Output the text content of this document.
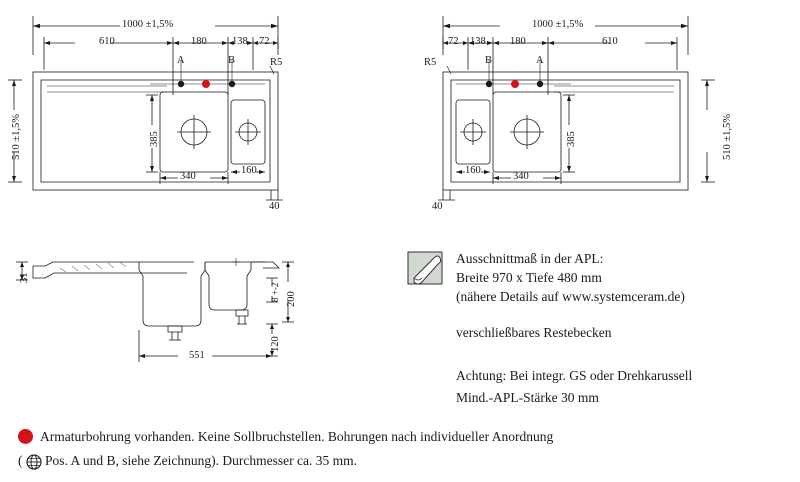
1000 ±1,5%
610	180 138 72
A	B	R5
510 ±1,5%	385
340
160
40
1000 ±1,5%
72 138 180	610
B	A
R5
510 ±1,5%
385
160
340
40
31
200
8 +-2
120
551
Ausschnittmaß in der APL:
Breite 970 x Tiefe 480 mm
(nähere Details auf www.systemceram.de)
verschließbares Restebecken
Achtung: Bei integr. GS oder Drehkarussell
Mind.-APL-Stärke 30 mm
Armaturbohrung vorhanden. Keine Sollbruchstellen. Bohrungen nach individueller Anordnung
( Pos. A und B, siehe Zeichnung). Durchmesser ca. 35 mm.
